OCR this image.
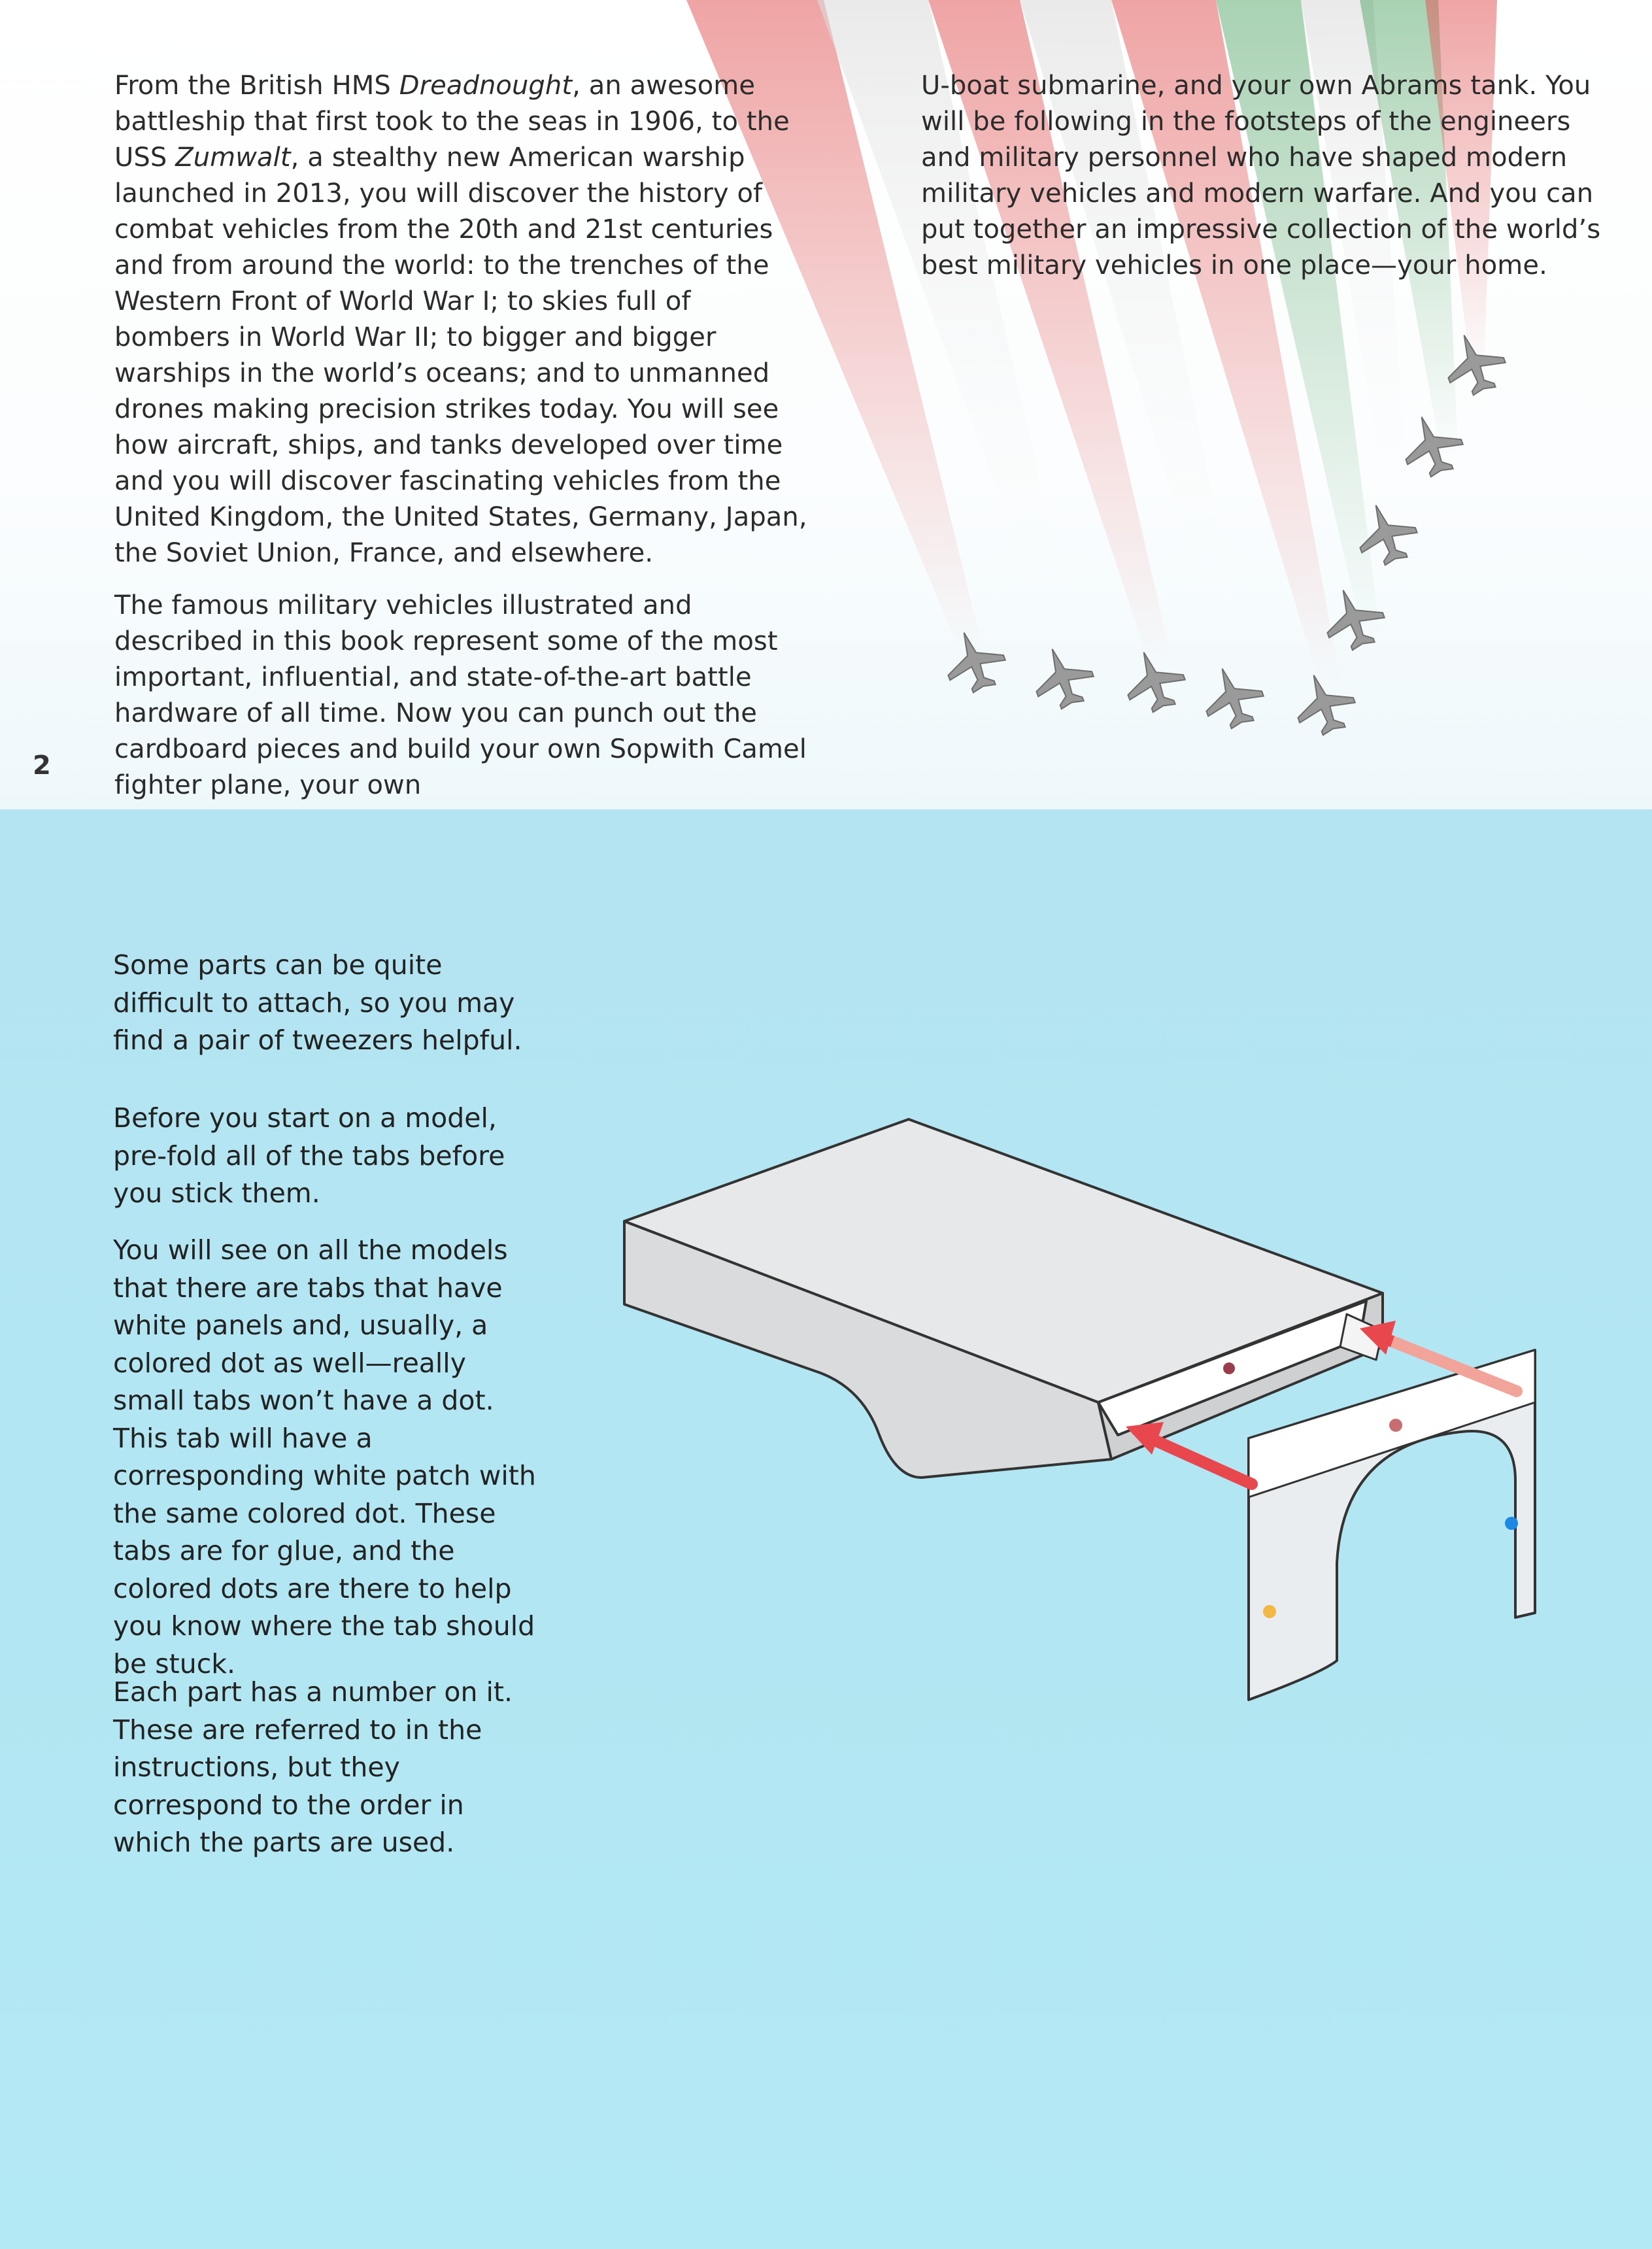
From the British HMS Dreadnought, an awesome battleship that first took to the seas in 1906, to the USS Zumwalt, a stealthy new American warship launched in 2013, you will discover the history of combat vehicles from the 20th and 21st centuries and from around the world: to the trenches of the Western Front of World War I; to skies full of bombers in World War II; to bigger and bigger warships in the world’s oceans; and to unmanned drones making precision strikes today. You will see how aircraft, ships, and tanks developed over time and you will discover fascinating vehicles from the United Kingdom, the United States, Germany, Japan, the Soviet Union, France, and elsewhere.

The famous military vehicles illustrated and described in this book represent some of the most important, influential, and state-of-the-art battle hardware of all time. Now you can punch out the cardboard pieces and build your own Sopwith Camel fighter plane, your own

U-boat submarine, and your own Abrams tank. You will be following in the footsteps of the engineers and military personnel who have shaped modern military vehicles and modern warfare. And you can put together an impressive collection of the world’s best military vehicles in one place—your home.

2
Some parts can be quite difficult to attach, so you may find a pair of tweezers helpful.
Before you start on a model, pre-fold all of the tabs before you stick them.
You will see on all the models that there are tabs that have white panels and, usually, a colored dot as well—really small tabs won’t have a dot. This tab will have a corresponding white patch with the same colored dot. These tabs are for glue, and the colored dots are there to help you know where the tab should be stuck.
Each part has a number on it. These are referred to in the instructions, but they correspond to the order in which the parts are used.
